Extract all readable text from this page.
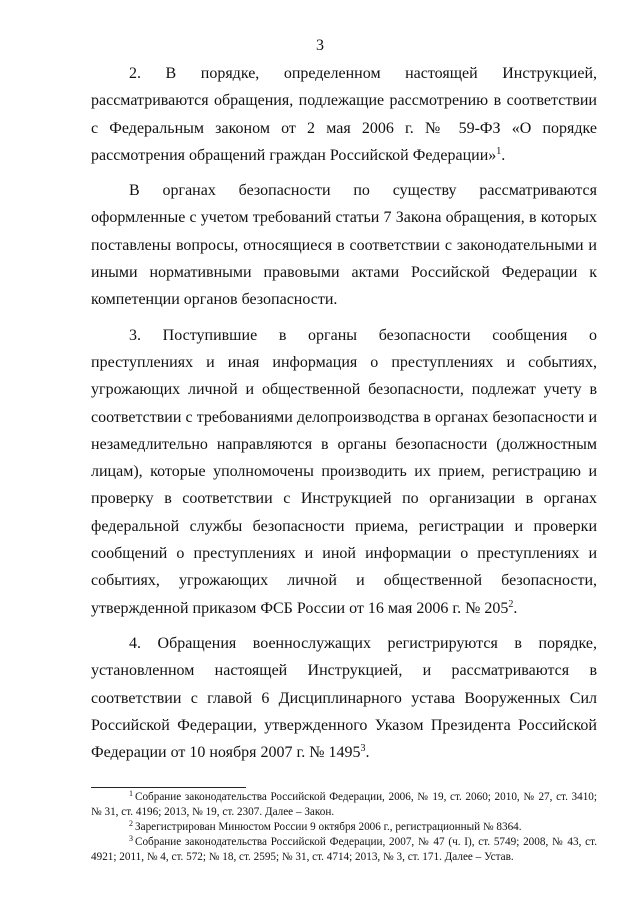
3

2. В порядке, определенном настоящей Инструкцией, рассматриваются обращения, подлежащие рассмотрению в соответствии с Федеральным законом от 2 мая 2006 г. № 59-ФЗ «О порядке рассмотрения обращений граждан Российской Федерации»$^1$.

В органах безопасности по существу рассматриваются оформленные с учетом требований статьи 7 Закона обращения, в которых поставлены вопросы, относящиеся в соответствии с законодательными и иными нормативными правовыми актами Российской Федерации к компетенции органов безопасности.

3. Поступившие в органы безопасности сообщения о преступлениях и иная информация о преступлениях и событиях, угрожающих личной и общественной безопасности, подлежат учету в соответствии с требованиями делопроизводства в органах безопасности и незамедлительно направляются в органы безопасности (должностным лицам), которые уполномочены производить их прием, регистрацию и проверку в соответствии с Инструкцией по организации в органах федеральной службы безопасности приема, регистрации и проверки сообщений о преступлениях и иной информации о преступлениях и событиях, угрожающих личной и общественной безопасности, утвержденной приказом ФСБ России от 16 мая 2006 г. № $205^2$.

4. Обращения военнослужащих регистрируются в порядке, установленном настоящей Инструкцией, и рассматриваются в соответствии с главой 6 Дисциплинарного устава Вооруженных Сил Российской Федерации, утвержденного Указом Президента Российской Федерации от 10 ноября 2007 г. № 1495$^3$.

$^1$ Собрание законодательства Российской Федерации, 2006, № 19, ст. 2060; 2010, № 27, ст. 3410; № 31, ст. 4196; 2013, № 19, ст. 2307. Далее – Закон.

$^2$ Зарегистрирован Минюстом России 9 октября 2006 г., регистрационный № 8364.

$^3$ Собрание законодательства Российской Федерации, 2007, № 47 (ч. I), ст. 5749; 2008, № 43, ст. 4921; 2011, № 4, ст. 572; № 18, ст. 2595; № 31, ст. 4714; 2013, № 3, ст. 171. Далее – Устав.
